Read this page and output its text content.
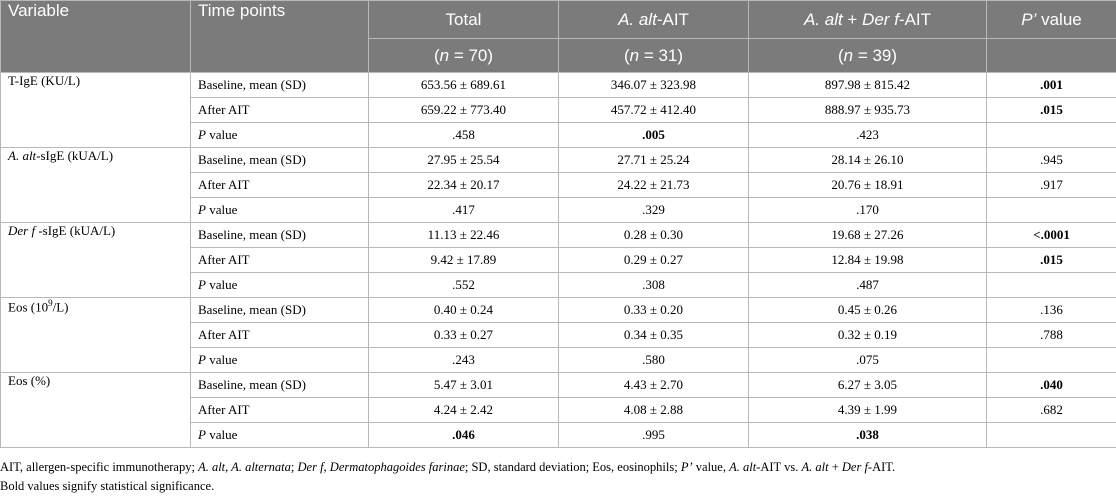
Variable	Time points	Total	A. alt-AIT	A. alt + Der f-AIT	P’ value
		(n = 70)	(n = 31)	(n = 39)	
T-IgE (KU/L)	Baseline, mean (SD)	653.56 ± 689.61	346.07 ± 323.98	897.98 ± 815.42	.001
	After AIT	659.22 ± 773.40	457.72 ± 412.40	888.97 ± 935.73	.015
	P value	.458	.005	.423	
A. alt-sIgE (kUA/L)	Baseline, mean (SD)	27.95 ± 25.54	27.71 ± 25.24	28.14 ± 26.10	.945
	After AIT	22.34 ± 20.17	24.22 ± 21.73	20.76 ± 18.91	.917
	P value	.417	.329	.170	
Der f -sIgE (kUA/L)	Baseline, mean (SD)	11.13 ± 22.46	0.28 ± 0.30	19.68 ± 27.26	<.0001
	After AIT	9.42 ± 17.89	0.29 ± 0.27	12.84 ± 19.98	.015
	P value	.552	.308	.487	
Eos $(10^9/L)$	Baseline, mean (SD)	0.40 ± 0.24	0.33 ± 0.20	0.45 ± 0.26	.136
	After AIT	0.33 ± 0.27	0.34 ± 0.35	0.32 ± 0.19	.788
	P value	.243	.580	.075	
Eos (%)	Baseline, mean (SD)	5.47 ± 3.01	4.43 ± 2.70	6.27 ± 3.05	.040
	After AIT	4.24 ± 2.42	4.08 ± 2.88	4.39 ± 1.99	.682
	P value	.046	.995	.038	
AIT, allergen-specific immunotherapy; A. alt, A. alternata; Der f, Dermatophagoides farinae; SD, standard deviation; Eos, eosinophils; P’ value, A. alt-AIT vs. A. alt + Der f-AIT.
Bold values signify statistical significance.
